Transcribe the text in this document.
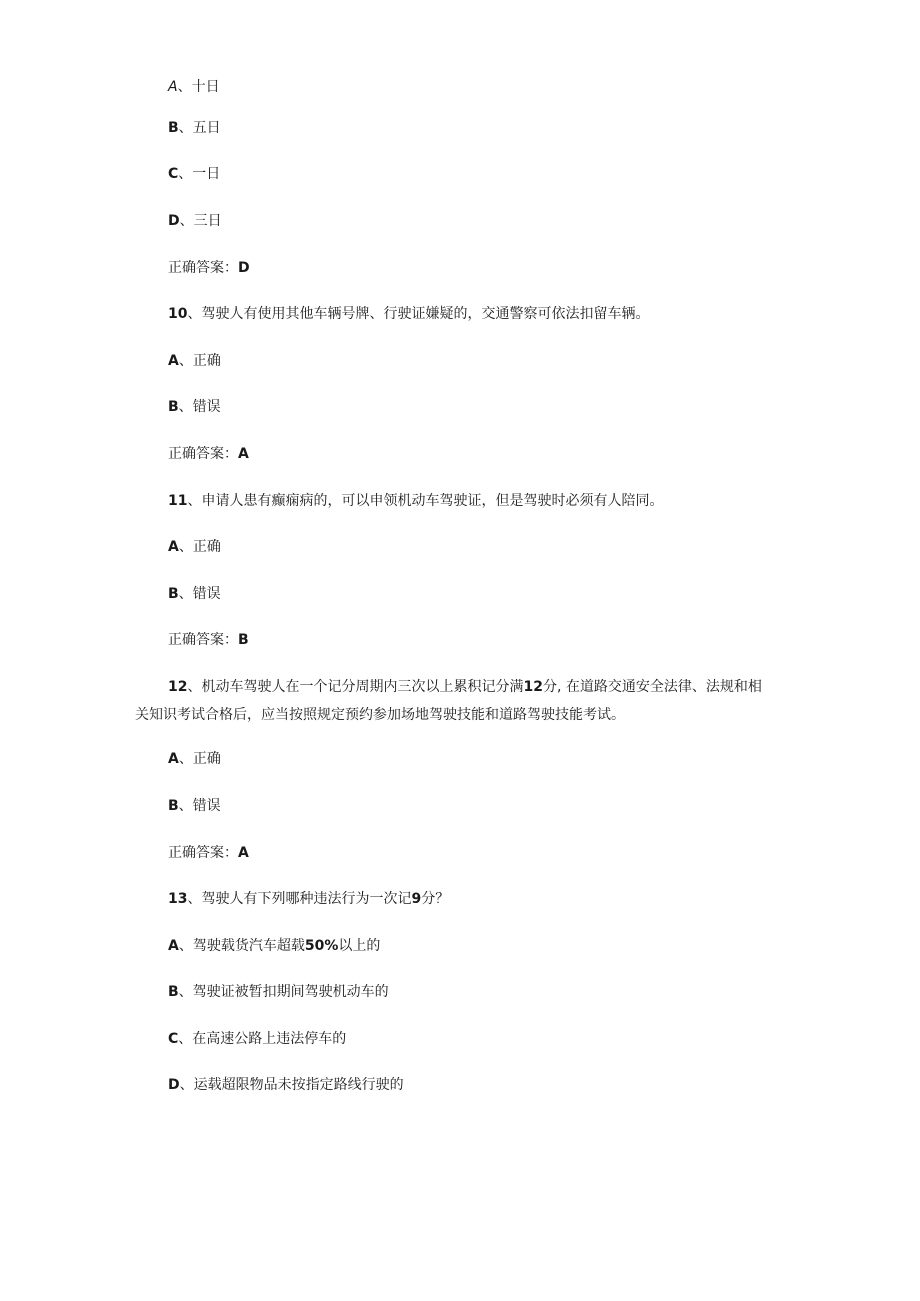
A、十日
B、五日
C、一日
D、三日
正确答案：D
10、驾驶人有使用其他车辆号牌、行驶证嫌疑的，交通警察可依法扣留车辆。
A、正确
B、错误
正确答案：A
11、申请人患有癫痫病的，可以申领机动车驾驶证，但是驾驶时必须有人陪同。
A、正确
B、错误
正确答案：B
12、机动车驾驶人在一个记分周期内三次以上累积记分满12分, 在道路交通安全法律、法规和相关知识考试合格后，应当按照规定预约参加场地驾驶技能和道路驾驶技能考试。
A、正确
B、错误
正确答案：A
13、驾驶人有下列哪种违法行为一次记9分？
A、驾驶载货汽车超载50%以上的
B、驾驶证被暂扣期间驾驶机动车的
C、在高速公路上违法停车的
D、运载超限物品未按指定路线行驶的
